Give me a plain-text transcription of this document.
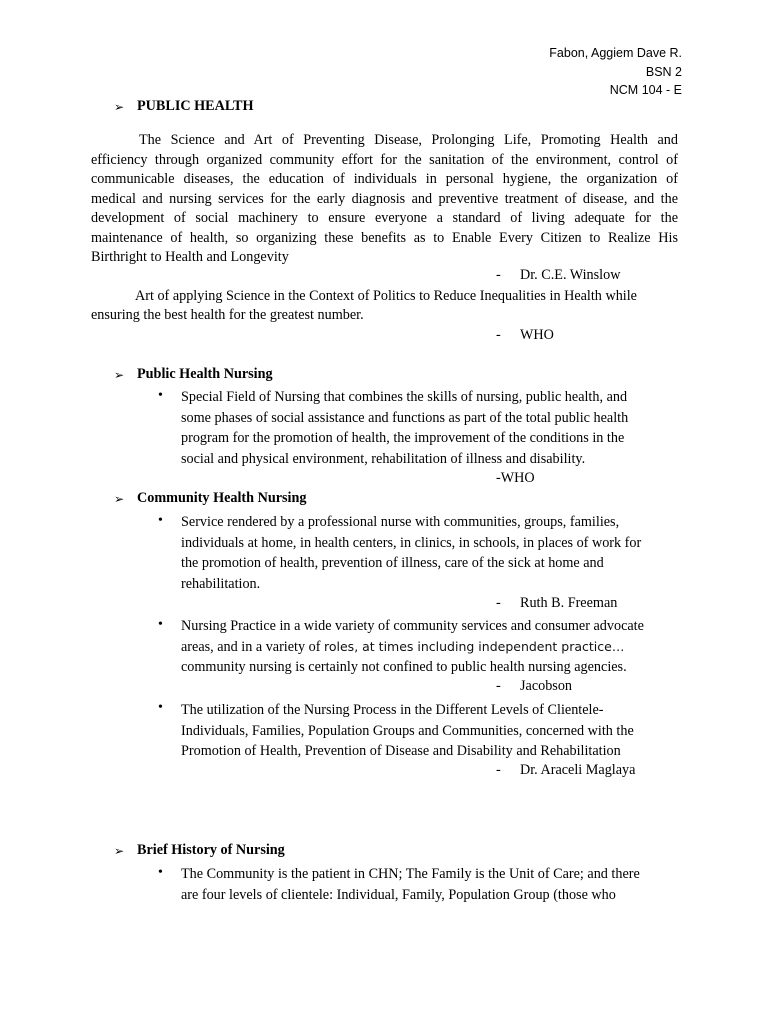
Fabon, Aggiem Dave R.
BSN 2
NCM 104 - E
➢ PUBLIC HEALTH
The Science and Art of Preventing Disease, Prolonging Life, Promoting Health and
efficiency through organized community effort for the sanitation of the environment, control of
communicable diseases, the education of individuals in personal hygiene, the organization of
medical and nursing services for the early diagnosis and preventive treatment of disease, and the
development of social machinery to ensure everyone a standard of living adequate for the
maintenance of health, so organizing these benefits as to Enable Every Citizen to Realize His
Birthright to Health and Longevity
- Dr. C.E. Winslow
Art of applying Science in the Context of Politics to Reduce Inequalities in Health while
ensuring the best health for the greatest number.
- WHO
➢ Public Health Nursing
• Special Field of Nursing that combines the skills of nursing, public health, and
some phases of social assistance and functions as part of the total public health
program for the promotion of health, the improvement of the conditions in the
social and physical environment, rehabilitation of illness and disability.
-WHO
➢ Community Health Nursing
• Service rendered by a professional nurse with communities, groups, families,
individuals at home, in health centers, in clinics, in schools, in places of work for
the promotion of health, prevention of illness, care of the sick at home and
rehabilitation.
- Ruth B. Freeman
• Nursing Practice in a wide variety of community services and consumer advocate
areas, and in a variety of roles, at times including independent practice…
community nursing is certainly not confined to public health nursing agencies.
- Jacobson
• The utilization of the Nursing Process in the Different Levels of Clientele-
Individuals, Families, Population Groups and Communities, concerned with the
Promotion of Health, Prevention of Disease and Disability and Rehabilitation
- Dr. Araceli Maglaya
➢ Brief History of Nursing
• The Community is the patient in CHN; The Family is the Unit of Care; and there
are four levels of clientele: Individual, Family, Population Group (those who
